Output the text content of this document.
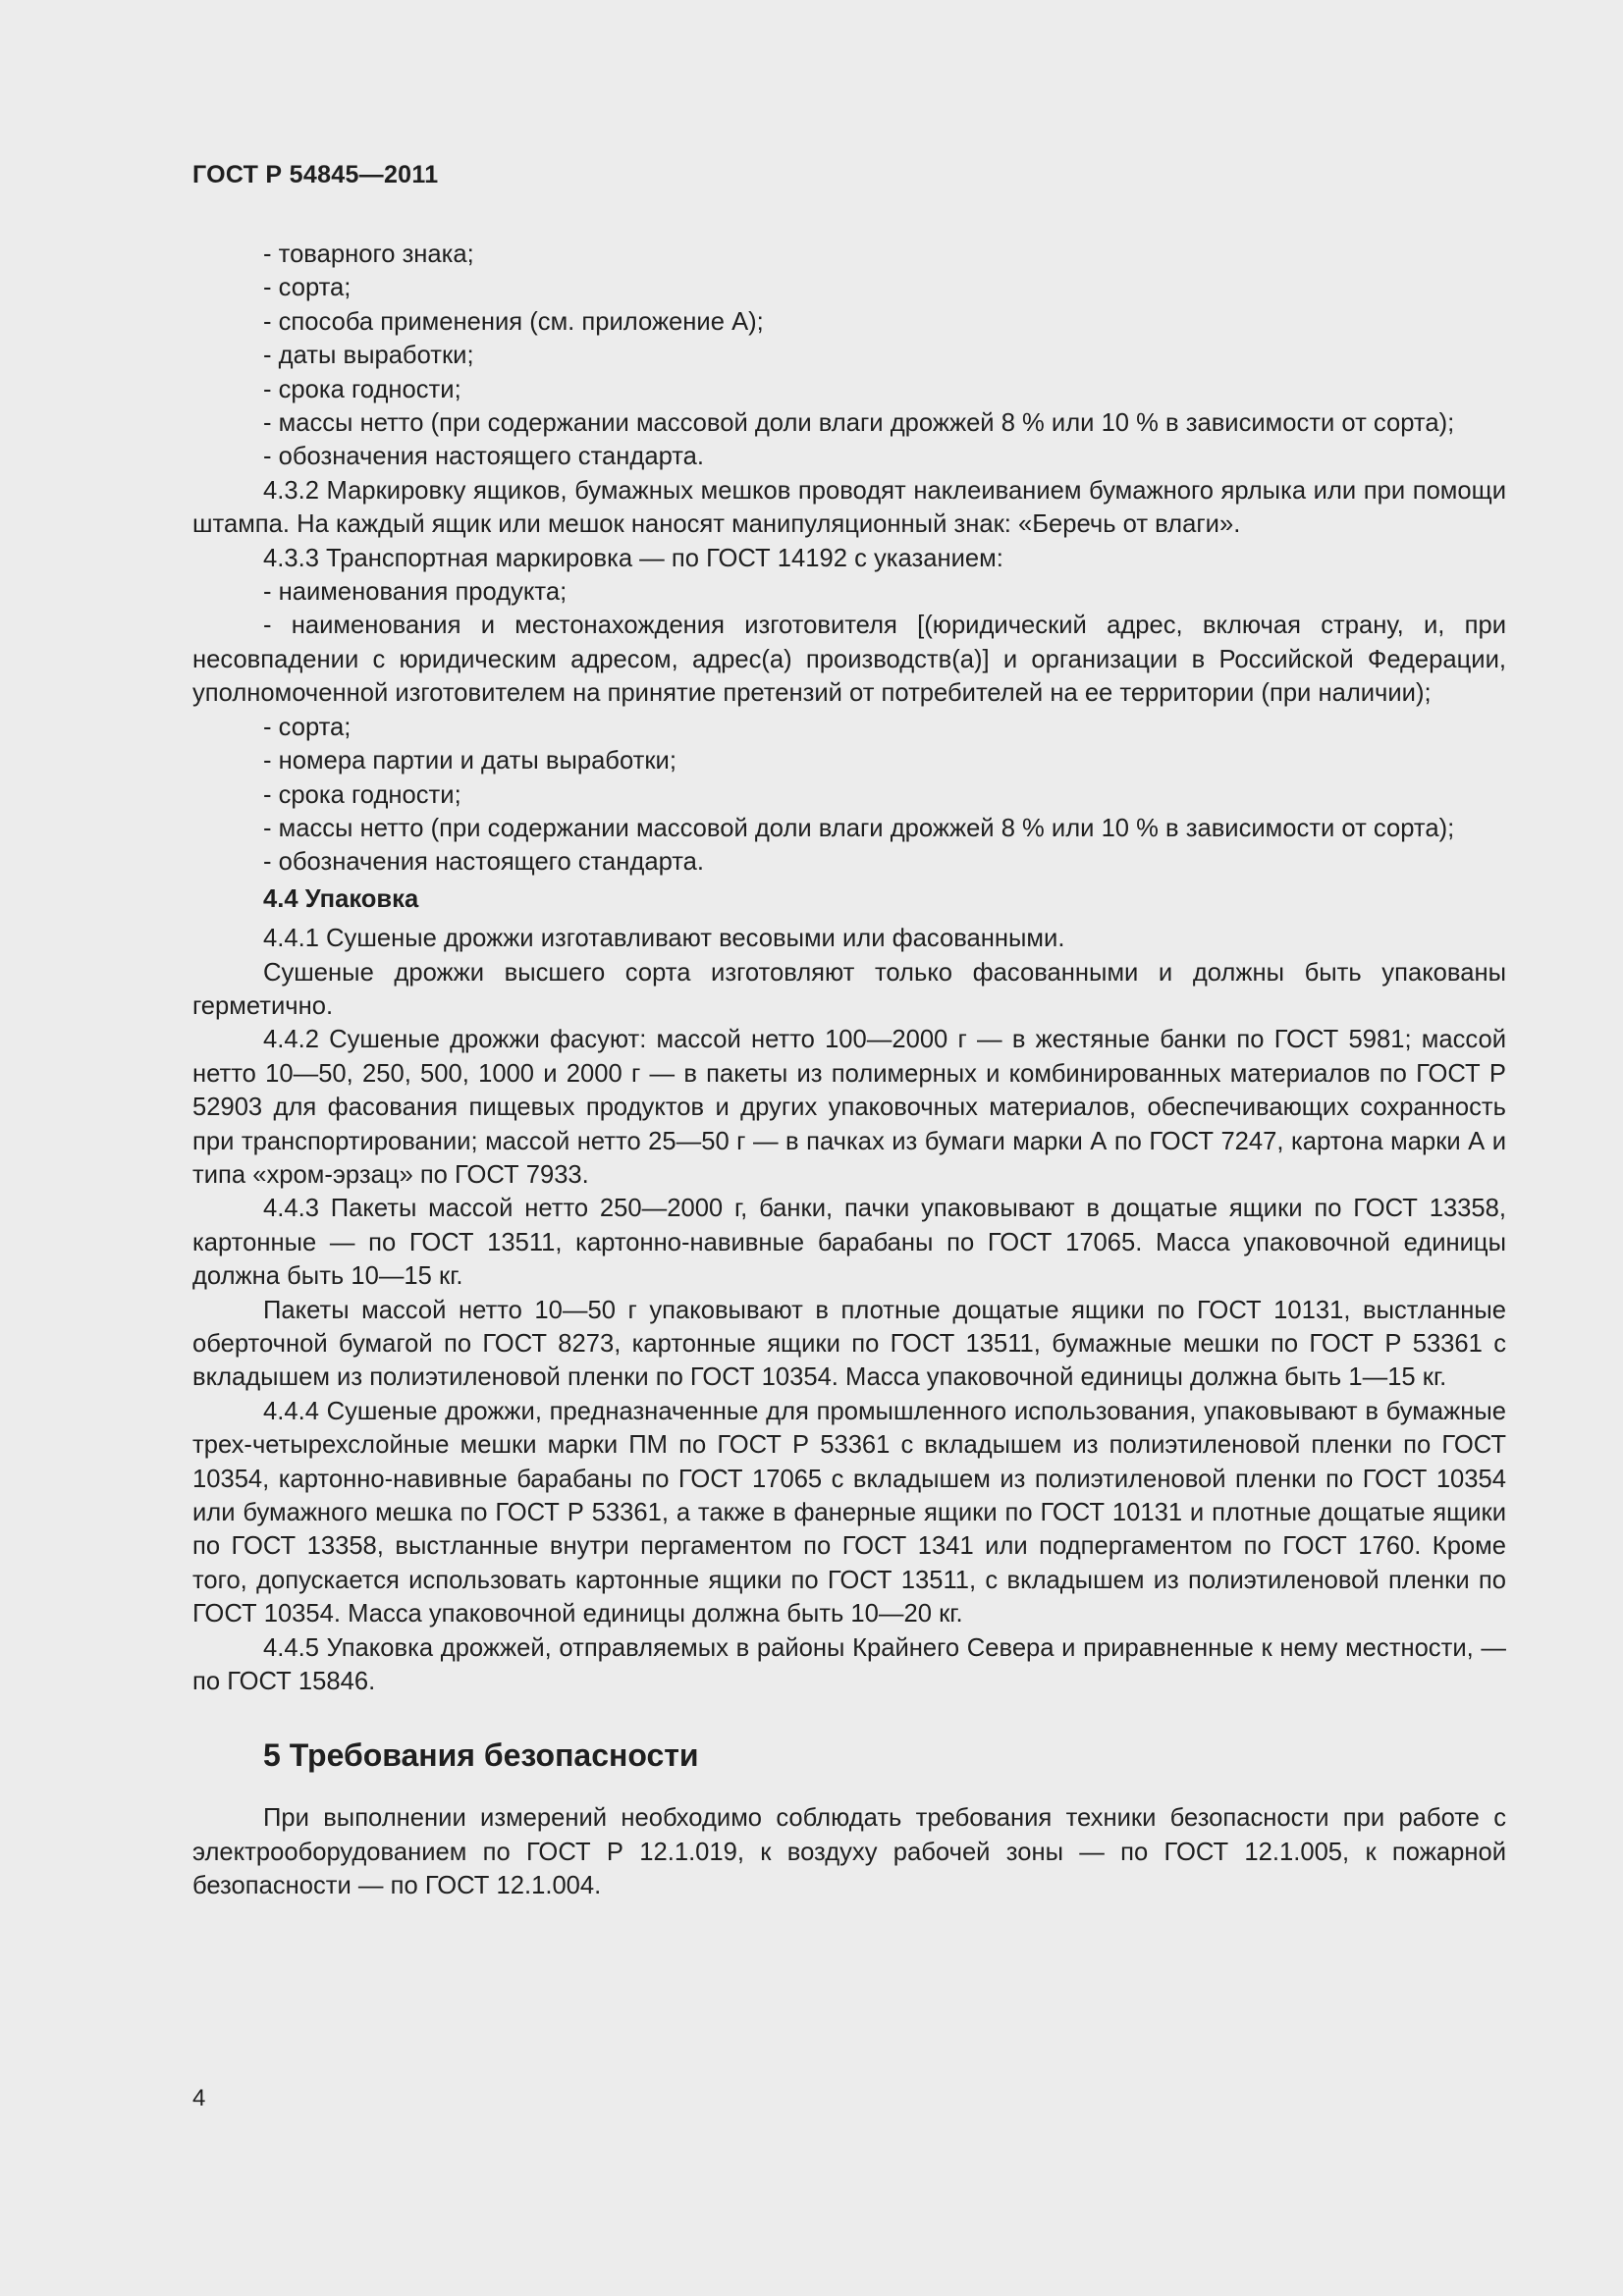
ГОСТ Р 54845—2011

- товарного знака;

- сорта;

- способа применения (см. приложение А);

- даты выработки;

- срока годности;

- массы нетто (при содержании массовой доли влаги дрожжей 8 % или 10 % в зависимости от сорта);

- обозначения настоящего стандарта.

4.3.2 Маркировку ящиков, бумажных мешков проводят наклеиванием бумажного ярлыка или при помощи штампа. На каждый ящик или мешок наносят манипуляционный знак: «Беречь от влаги».

4.3.3 Транспортная маркировка — по ГОСТ 14192 с указанием:

- наименования продукта;

- наименования и местонахождения изготовителя [(юридический адрес, включая страну, и, при несовпадении с юридическим адресом, адрес(а) производств(а)] и организации в Российской Федерации, уполномоченной изготовителем на принятие претензий от потребителей на ее территории (при наличии);

- сорта;

- номера партии и даты выработки;

- срока годности;

- массы нетто (при содержании массовой доли влаги дрожжей 8 % или 10 % в зависимости от сорта);

- обозначения настоящего стандарта.

4.4 Упаковка

4.4.1 Сушеные дрожжи изготавливают весовыми или фасованными.

Сушеные дрожжи высшего сорта изготовляют только фасованными и должны быть упакованы герметично.

4.4.2 Сушеные дрожжи фасуют: массой нетто 100—2000 г — в жестяные банки по ГОСТ 5981; массой нетто 10—50, 250, 500, 1000 и 2000 г — в пакеты из полимерных и комбинированных материалов по ГОСТ Р 52903 для фасования пищевых продуктов и других упаковочных материалов, обеспечивающих сохранность при транспортировании; массой нетто 25—50 г — в пачках из бумаги марки А по ГОСТ 7247, картона марки А и типа «хром-эрзац» по ГОСТ 7933.

4.4.3 Пакеты массой нетто 250—2000 г, банки, пачки упаковывают в дощатые ящики по ГОСТ 13358, картонные — по ГОСТ 13511, картонно-навивные барабаны по ГОСТ 17065. Масса упаковочной единицы должна быть 10—15 кг.

Пакеты массой нетто 10—50 г упаковывают в плотные дощатые ящики по ГОСТ 10131, выстланные оберточной бумагой по ГОСТ 8273, картонные ящики по ГОСТ 13511, бумажные мешки по ГОСТ Р 53361 с вкладышем из полиэтиленовой пленки по ГОСТ 10354. Масса упаковочной единицы должна быть 1—15 кг.

4.4.4 Сушеные дрожжи, предназначенные для промышленного использования, упаковывают в бумажные трех-четырехслойные мешки марки ПМ по ГОСТ Р 53361 с вкладышем из полиэтиленовой пленки по ГОСТ 10354, картонно-навивные барабаны по ГОСТ 17065 с вкладышем из полиэтиленовой пленки по ГОСТ 10354 или бумажного мешка по ГОСТ Р 53361, а также в фанерные ящики по ГОСТ 10131 и плотные дощатые ящики по ГОСТ 13358, выстланные внутри пергаментом по ГОСТ 1341 или подпергаментом по ГОСТ 1760. Кроме того, допускается использовать картонные ящики по ГОСТ 13511, с вкладышем из полиэтиленовой пленки по ГОСТ 10354. Масса упаковочной единицы должна быть 10—20 кг.

4.4.5 Упаковка дрожжей, отправляемых в районы Крайнего Севера и приравненные к нему местности, — по ГОСТ 15846.

5 Требования безопасности

При выполнении измерений необходимо соблюдать требования техники безопасности при работе с электрооборудованием по ГОСТ Р 12.1.019, к воздуху рабочей зоны — по ГОСТ 12.1.005, к пожарной безопасности — по ГОСТ 12.1.004.

4
